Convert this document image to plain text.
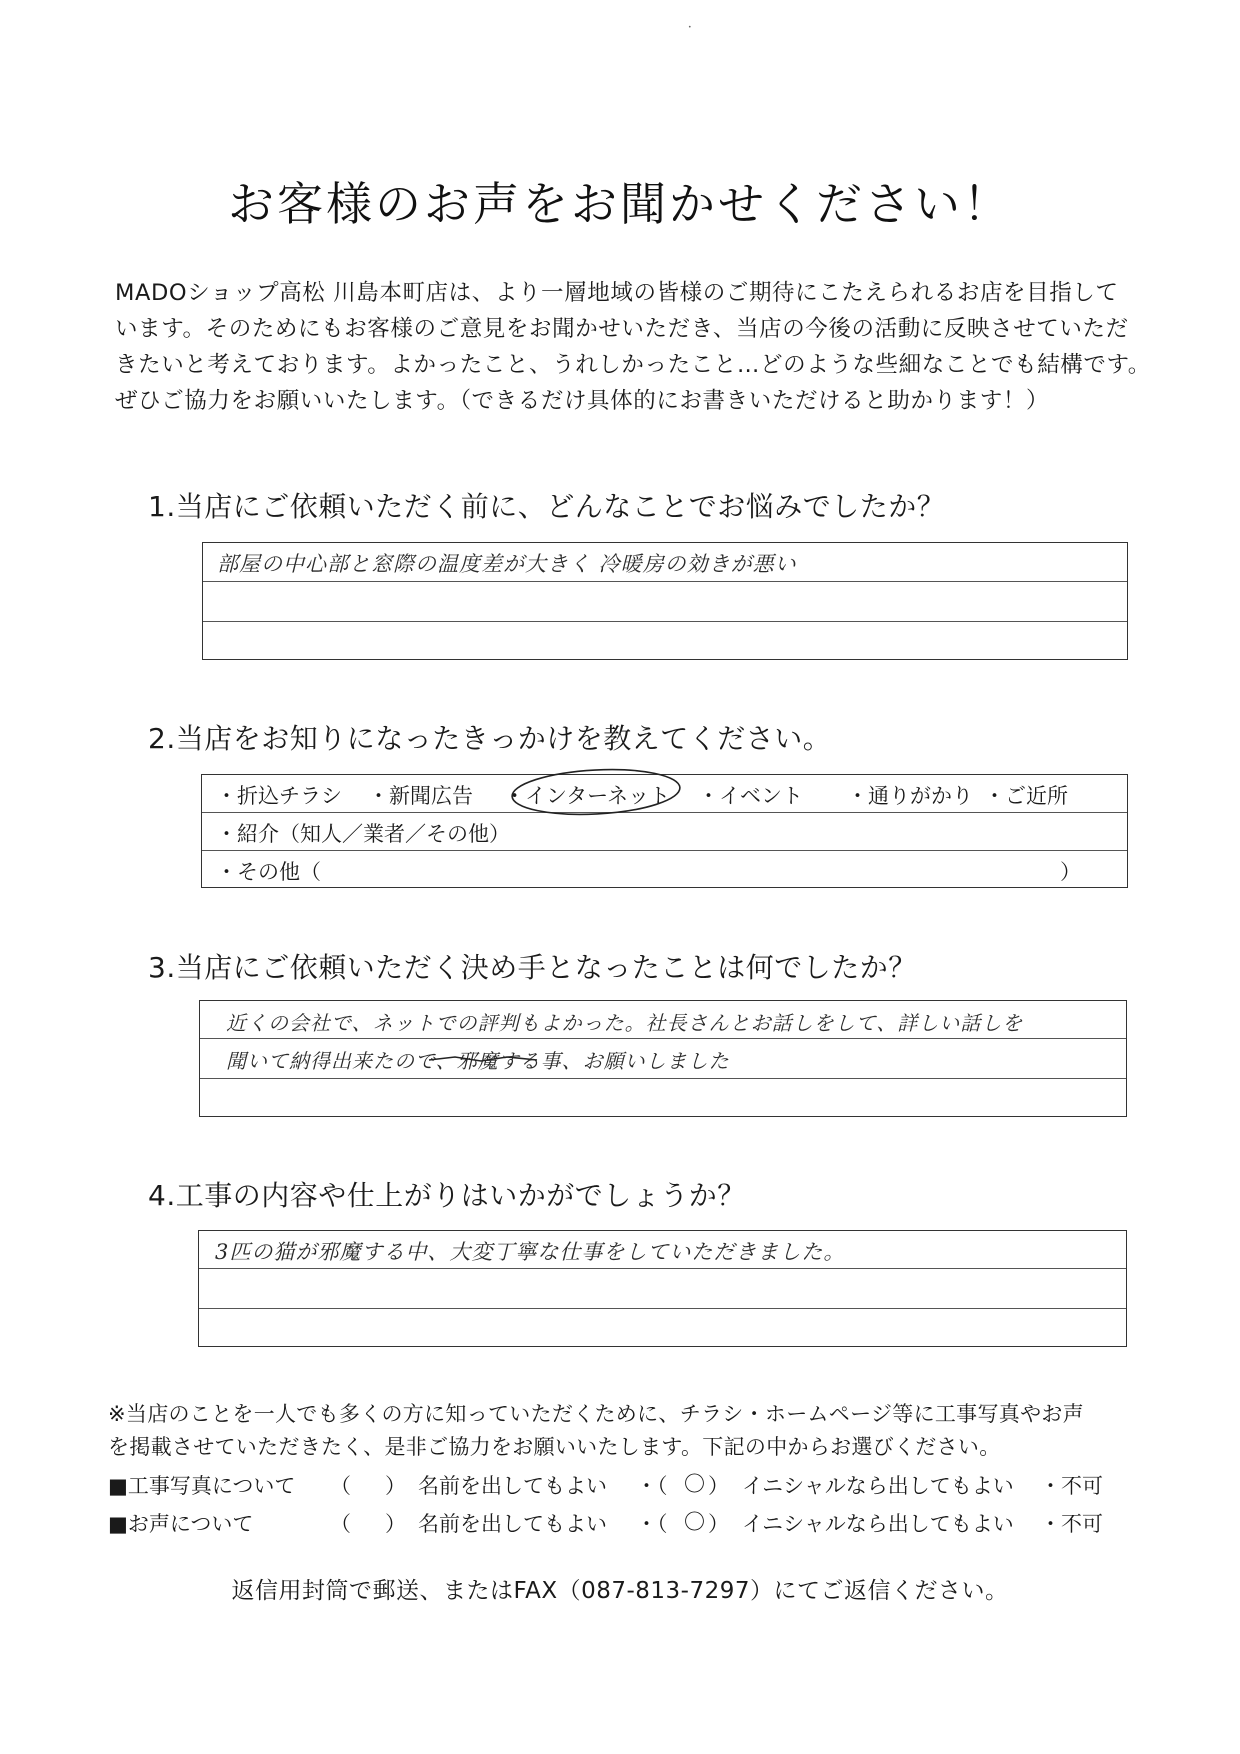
•
お客様のお声をお聞かせください！
MADOショップ高松 川島本町店は、より一層地域の皆様のご期待にこたえられるお店を目指して
います。そのためにもお客様のご意見をお聞かせいただき、当店の今後の活動に反映させていただ
きたいと考えております。よかったこと、うれしかったこと…どのような些細なことでも結構です。
ぜひご協力をお願いいたします。（できるだけ具体的にお書きいただけると助かります！）
1.当店にご依頼いただく前に、どんなことでお悩みでしたか？
部屋の中心部と窓際の温度差が大きく 冷暖房の効きが悪い
2.当店をお知りになったきっかけを教えてください。
・折込チラシ ・新聞広告 ・インターネット ・イベント ・通りがかり ・ご近所
・紹介（知人／業者／その他）
・その他（	）
3.当店にご依頼いただく決め手となったことは何でしたか？
近くの会社で、ネットでの評判もよかった。社長さんとお話しをして、詳しい話しを
聞いて納得出来たので、邪魔する事、お願いしました
4.工事の内容や仕上がりはいかがでしょうか？
3匹の猫が邪魔する中、大変丁寧な仕事をしていただきました。
※当店のことを一人でも多くの方に知っていただくために、チラシ・ホームページ等に工事写真やお声
を掲載させていただきたく、是非ご協力をお願いいたします。下記の中からお選びください。
■工事写真について （ ） 名前を出してもよい ・（ 〇 ） イニシャルなら出してもよい ・不可
■お声について	（ ） 名前を出してもよい ・（ 〇 ） イニシャルなら出してもよい ・不可
返信用封筒で郵送、またはFAX（087-813-7297）にてご返信ください。
